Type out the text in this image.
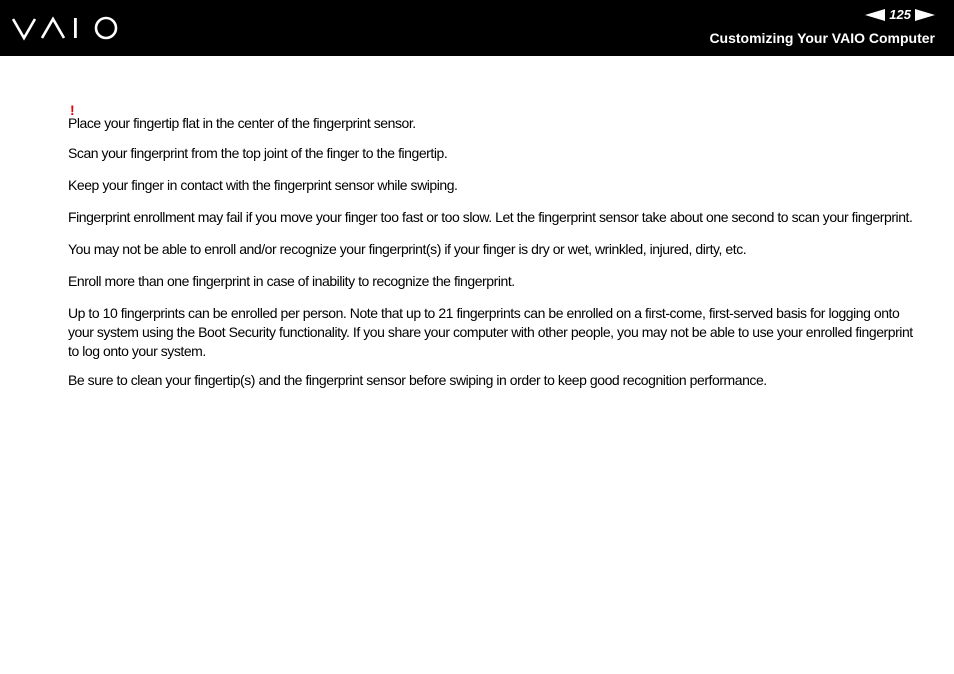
125
Customizing Your VAIO Computer
!

Place your fingertip flat in the center of the fingerprint sensor.

Scan your fingerprint from the top joint of the finger to the fingertip.

Keep your finger in contact with the fingerprint sensor while swiping.

Fingerprint enrollment may fail if you move your finger too fast or too slow. Let the fingerprint sensor take about one second to scan your fingerprint.

You may not be able to enroll and/or recognize your fingerprint(s) if your finger is dry or wet, wrinkled, injured, dirty, etc.

Enroll more than one fingerprint in case of inability to recognize the fingerprint.

Up to 10 fingerprints can be enrolled per person. Note that up to 21 fingerprints can be enrolled on a first-come, first-served basis for logging onto your system using the Boot Security functionality. If you share your computer with other people, you may not be able to use your enrolled fingerprint to log onto your system.

Be sure to clean your fingertip(s) and the fingerprint sensor before swiping in order to keep good recognition performance.
